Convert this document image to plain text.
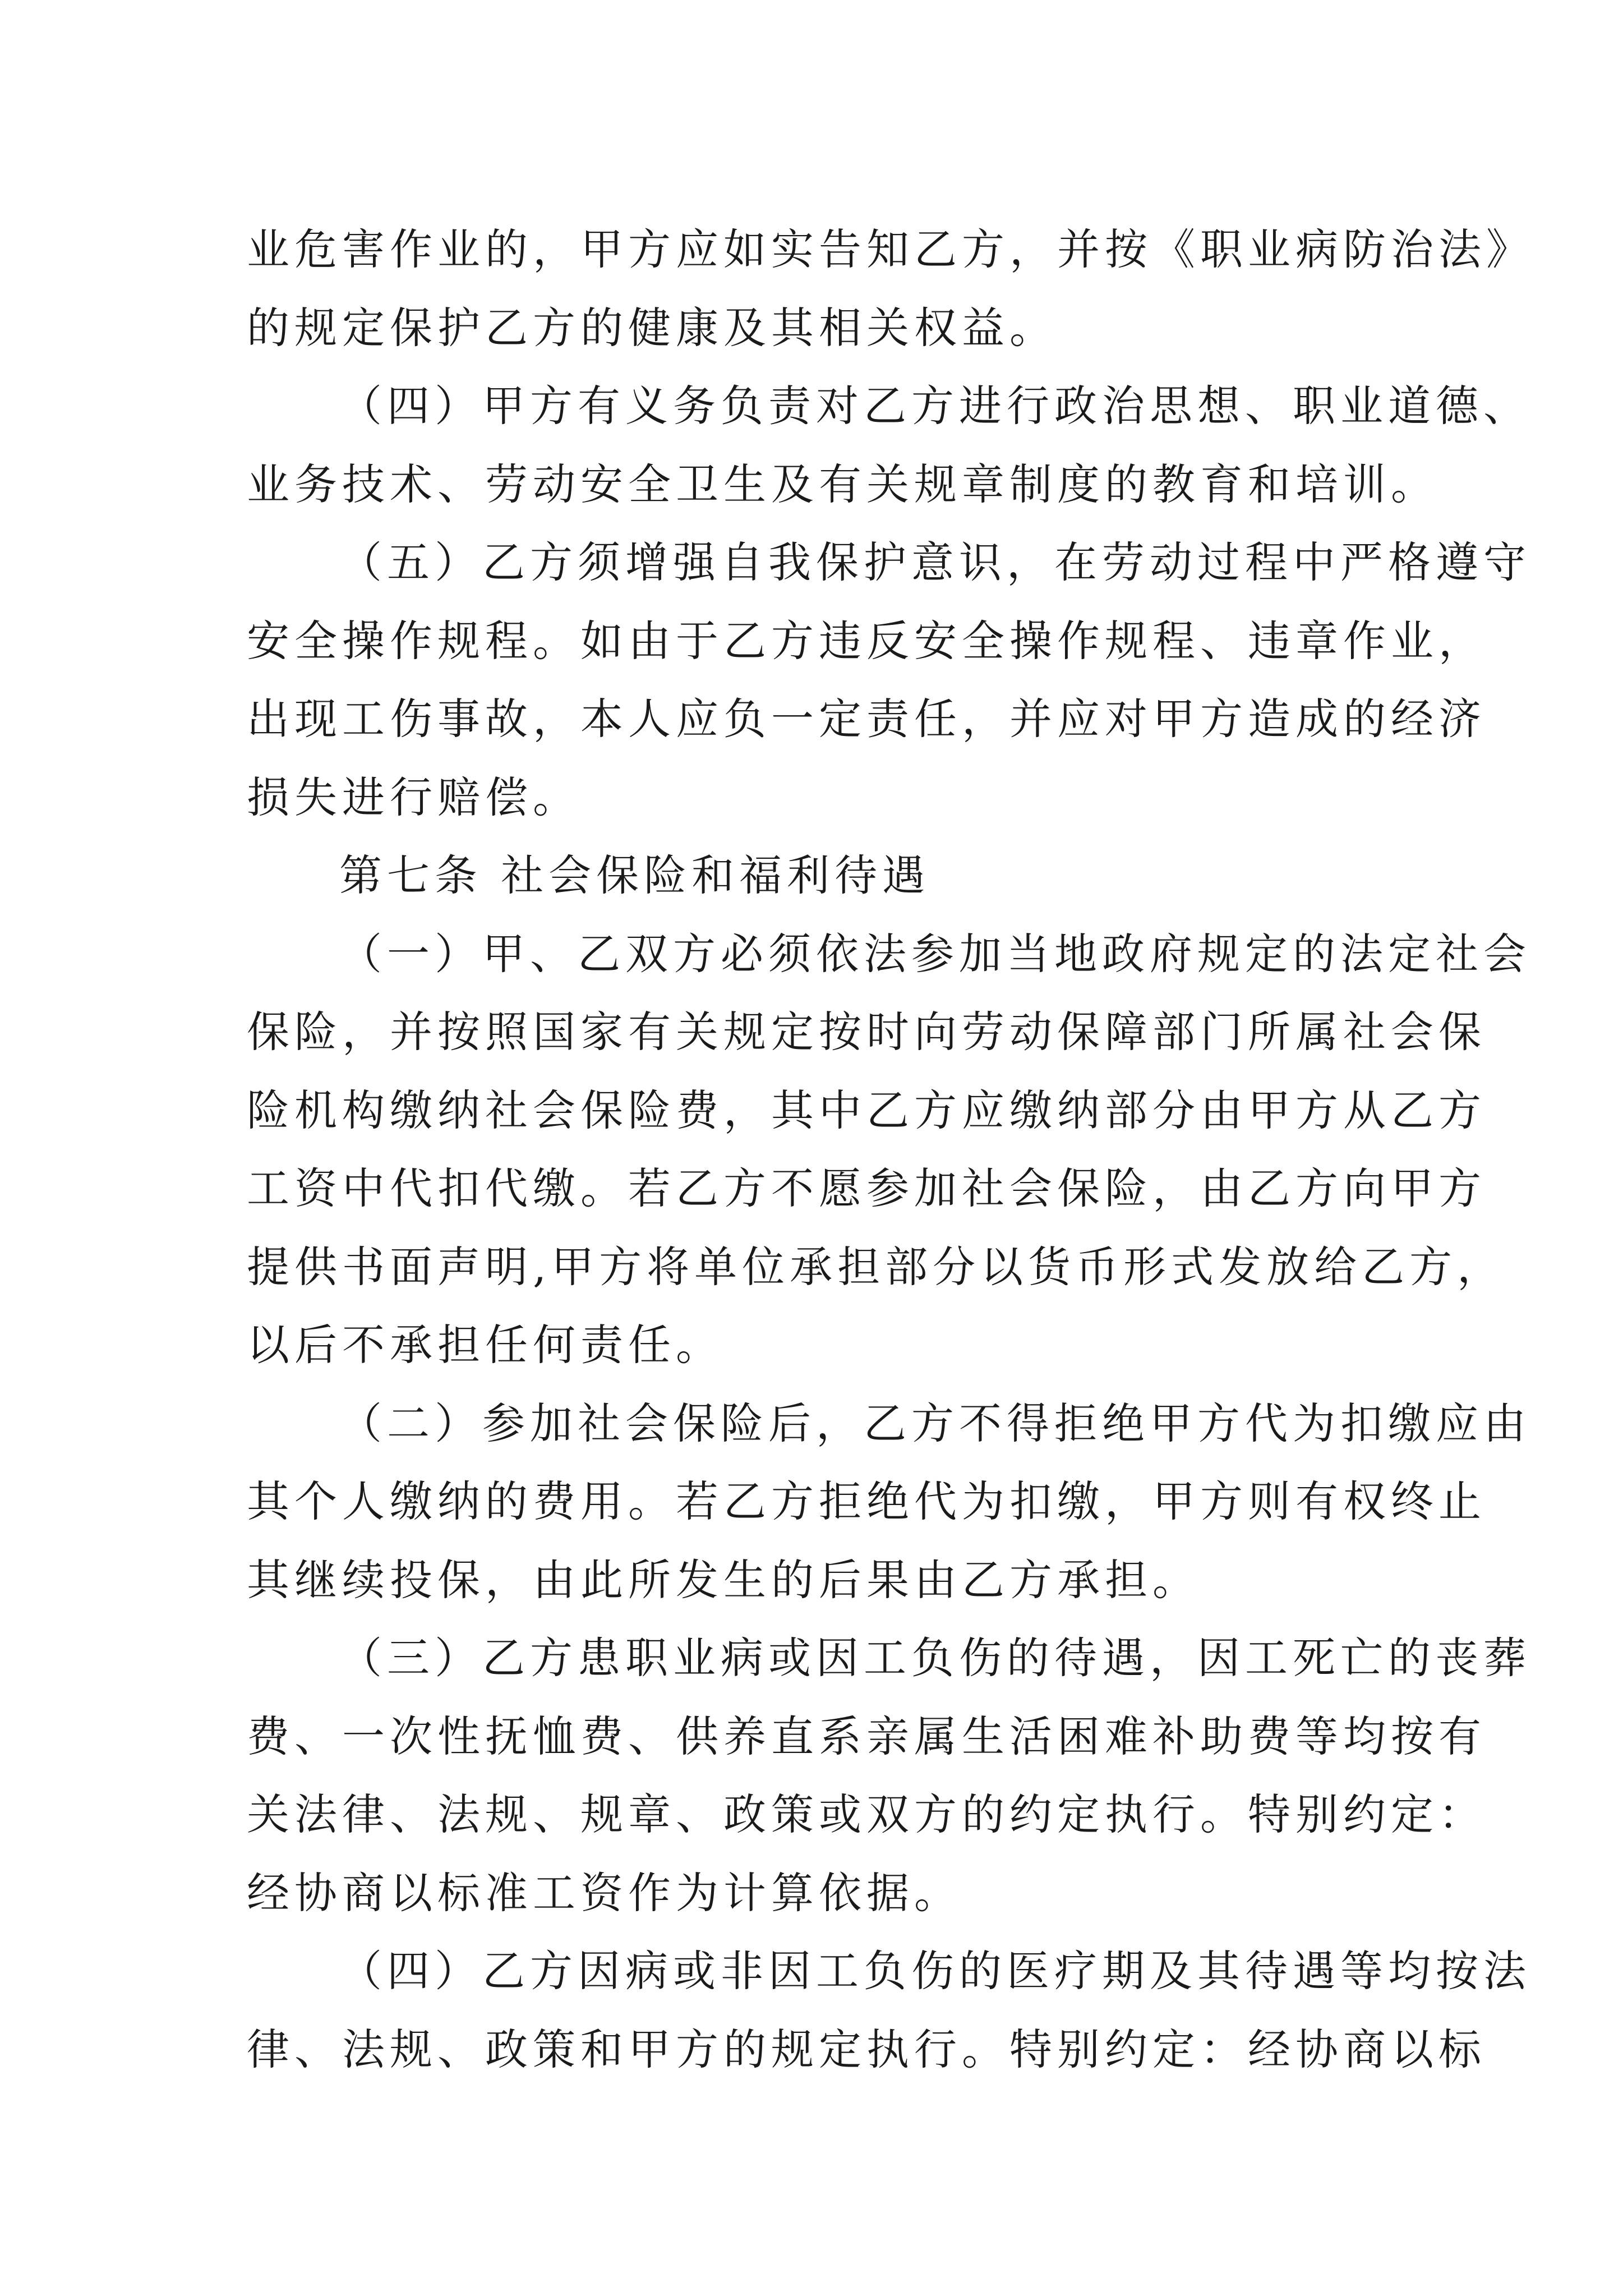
业危害作业的，甲方应如实告知乙方，并按《职业病防治法》
的规定保护乙方的健康及其相关权益。
（四）甲方有义务负责对乙方进行政治思想、职业道德、
业务技术、劳动安全卫生及有关规章制度的教育和培训。
（五）乙方须增强自我保护意识，在劳动过程中严格遵守
安全操作规程。如由于乙方违反安全操作规程、违章作业，
出现工伤事故，本人应负一定责任，并应对甲方造成的经济
损失进行赔偿。
第七条 社会保险和福利待遇
（一）甲、乙双方必须依法参加当地政府规定的法定社会
保险，并按照国家有关规定按时向劳动保障部门所属社会保
险机构缴纳社会保险费，其中乙方应缴纳部分由甲方从乙方
工资中代扣代缴。若乙方不愿参加社会保险，由乙方向甲方
提供书面声明,甲方将单位承担部分以货币形式发放给乙方，
以后不承担任何责任。
（二）参加社会保险后，乙方不得拒绝甲方代为扣缴应由
其个人缴纳的费用。若乙方拒绝代为扣缴，甲方则有权终止
其继续投保，由此所发生的后果由乙方承担。
（三）乙方患职业病或因工负伤的待遇，因工死亡的丧葬
费、一次性抚恤费、供养直系亲属生活困难补助费等均按有
关法律、法规、规章、政策或双方的约定执行。特别约定：
经协商以标准工资作为计算依据。
（四）乙方因病或非因工负伤的医疗期及其待遇等均按法
律、法规、政策和甲方的规定执行。特别约定：经协商以标
